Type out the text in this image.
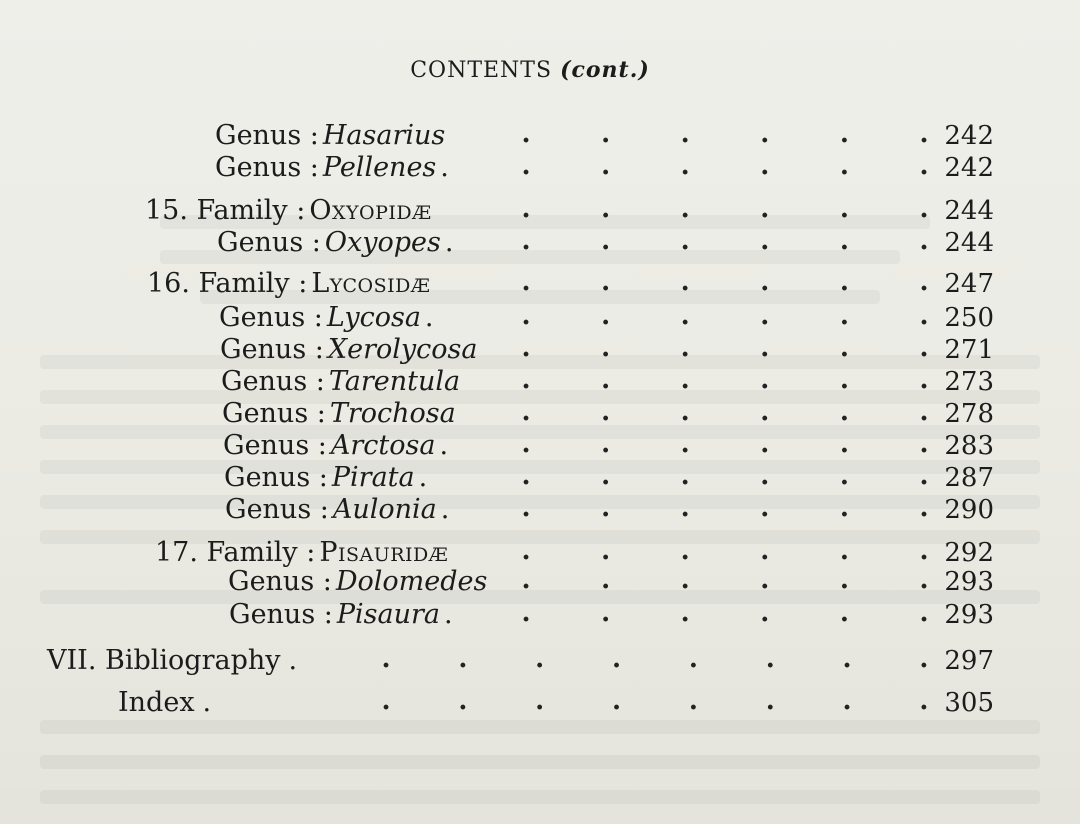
CONTENTS (cont.)
Genus : Hasarius	.	.	.	.	.	. 242
Genus : Pellenes .	.	.	.	.	.	. 242
15. Family : Oxyopidæ	.	.	.	.	.	. 244
Genus : Oxyopes .	.	.	.	.	.	. 244
16. Family : Lycosidæ	.	.	.	.	.	. 247
Genus : Lycosa .	.	.	.	.	.	. 250
Genus : Xerolycosa .	.	.	.	.	. 271
Genus : Tarentula .	.	.	.	.	. 273
Genus : Trochosa	.	.	.	.	.	. 278
Genus : Arctosa .	.	.	.	.	.	. 283
Genus : Pirata .	.	.	.	.	.	. 287
Genus : Aulonia .	.	.	.	.	.	. 290
17. Family : Pisauridæ	.	.	.	.	.	. 292
Genus : Dolomedes .	.	.	.	.	. 293
Genus : Pisaura .	.	.	.	.	.	. 293
VII. Bibliography .	.	.	.	.	.	.	.	. 297
Index .	.	.	.	.	.	.	.	. 305
